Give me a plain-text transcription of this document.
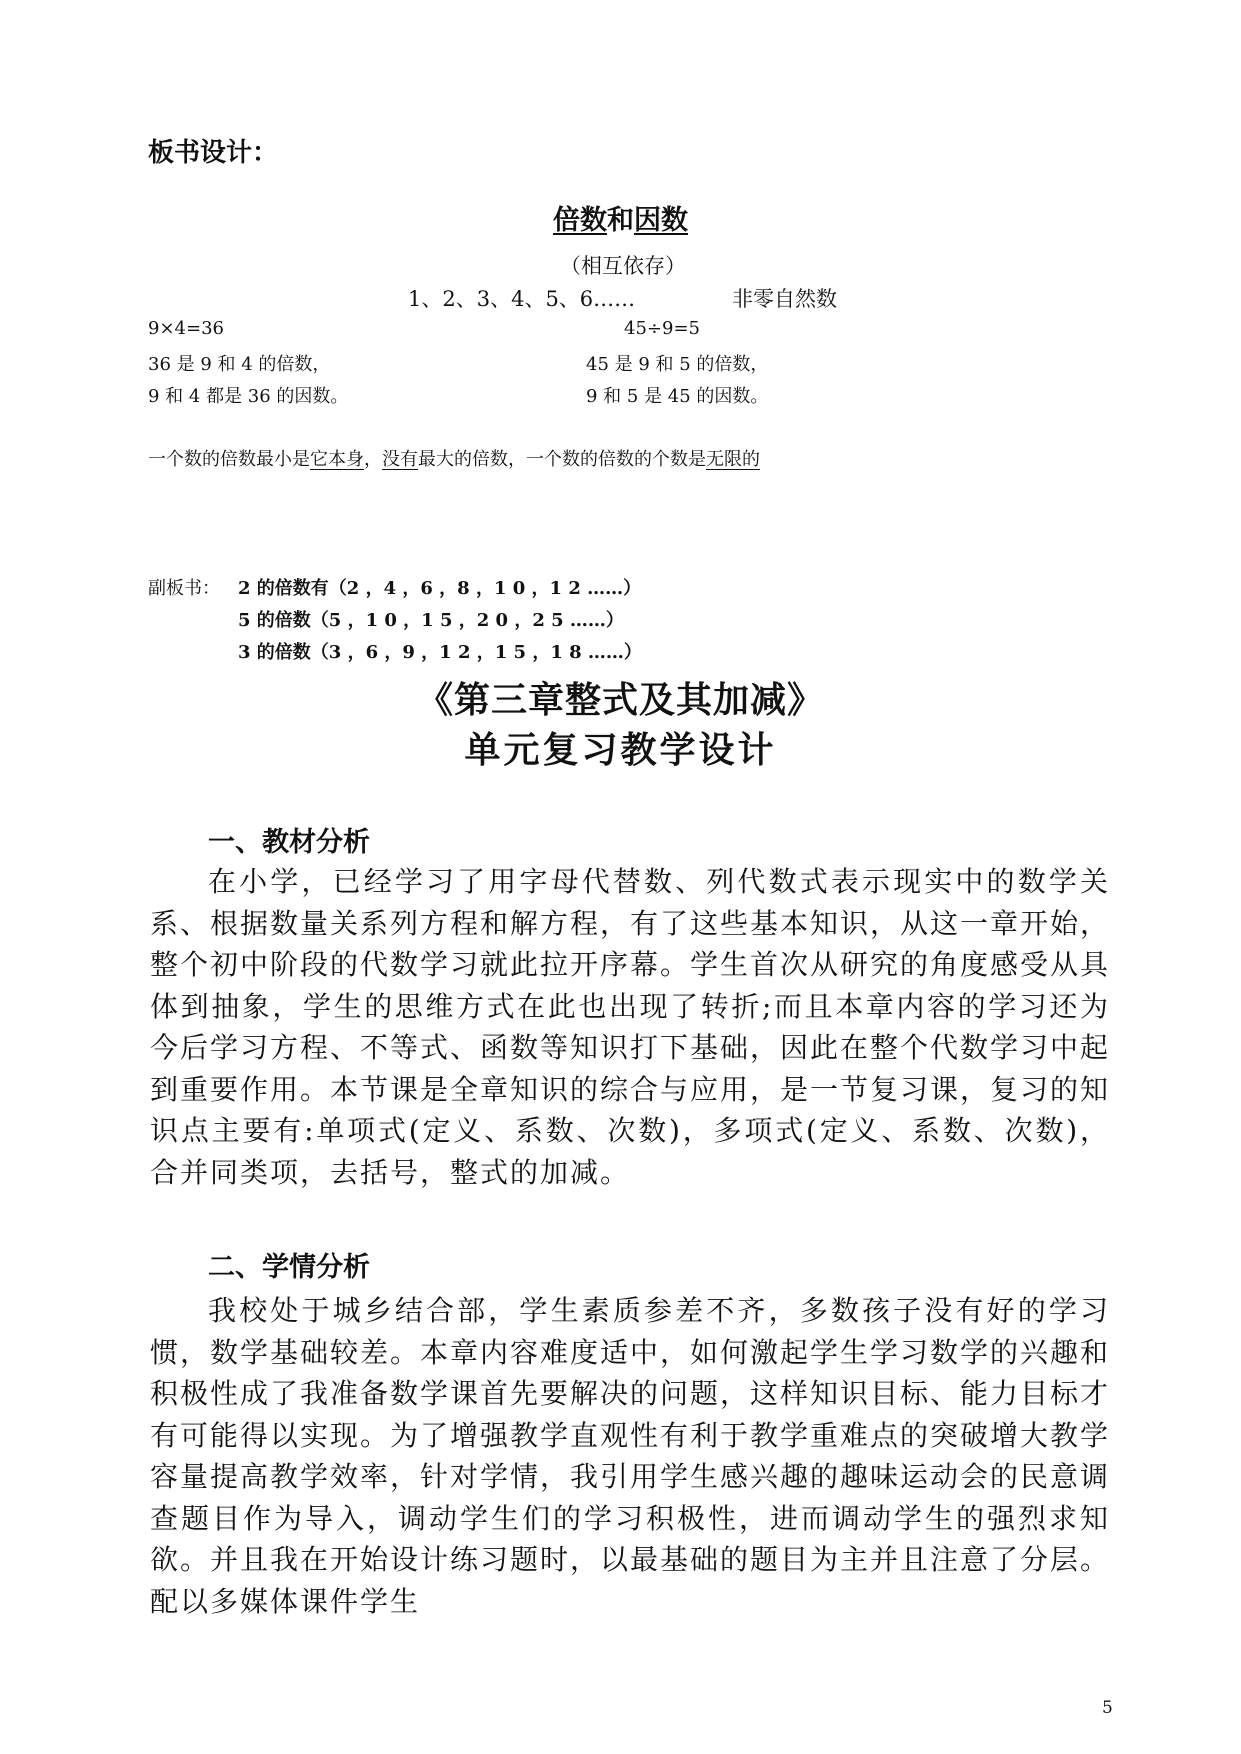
板书设计：
倍数和因数
（相互依存）
1、2、3、4、5、6……	非零自然数
9×4=36	45÷9=5
36 是 9 和 4 的倍数，	45 是 9 和 5 的倍数，
9 和 4 都是 36 的因数。	9 和 5 是 45 的因数。
一个数的倍数最小是它本身，没有最大的倍数，一个数的倍数的个数是无限的
副板书： 2 的倍数有（2 ，4 ，6 ，8 ，1 0 ，1 2 ……）
5 的倍数（5 ，1 0 ，1 5 ，2 0 ，2 5 ……）
3 的倍数（3 ，6 ，9 ，1 2 ，1 5 ，1 8 ……）
《第三章整式及其加减》
单元复习教学设计
一、教材分析

在小学，已经学习了用字母代替数、列代数式表示现实中的数学关系、根据数量关系列方程和解方程，有了这些基本知识，从这一章开始，整个初中阶段的代数学习就此拉开序幕。学生首次从研究的角度感受从具体到抽象，学生的思维方式在此也出现了转折;而且本章内容的学习还为今后学习方程、不等式、函数等知识打下基础，因此在整个代数学习中起到重要作用。本节课是全章知识的综合与应用，是一节复习课，复习的知识点主要有:单项式(定义、系数、次数)，多项式(定义、系数、次数)，合并同类项，去括号，整式的加减。

二、学情分析

我校处于城乡结合部，学生素质参差不齐，多数孩子没有好的学习惯，数学基础较差。本章内容难度适中，如何激起学生学习数学的兴趣和积极性成了我准备数学课首先要解决的问题，这样知识目标、能力目标才有可能得以实现。为了增强教学直观性有利于教学重难点的突破增大教学容量提高教学效率，针对学情，我引用学生感兴趣的趣味运动会的民意调查题目作为导入，调动学生们的学习积极性，进而调动学生的强烈求知欲。并且我在开始设计练习题时，以最基础的题目为主并且注意了分层。配以多媒体课件学生

5
